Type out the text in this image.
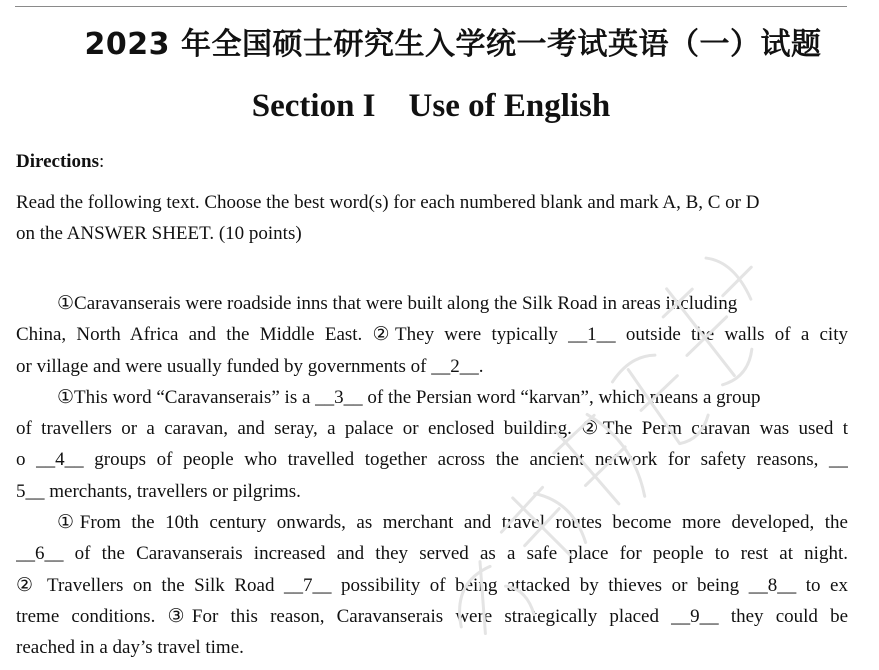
2023 年全国硕士研究生入学统一考试英语（一）试题
Section I    Use of English
Directions:
Read the following text. Choose the best word(s) for each numbered blank and mark A, B, C or D
on the ANSWER SHEET. (10 points)
①Caravanserais were roadside inns that were built along the Silk Road in areas including
China, North Africa and the Middle East. ②They were typically __1__ outside the walls of a city
or village and were usually funded by governments of __2__.
①This word “Caravanserais” is a __3__ of the Persian word “karvan”, which means a group
of travellers or a caravan, and seray, a palace or enclosed building. ②The Perm caravan was used t
o __4__ groups of people who travelled together across the ancient network for safety reasons, __
5__ merchants, travellers or pilgrims.
①From the 10th century onwards, as merchant and travel routes become more developed, the
__6__ of the Caravanserais increased and they served as a safe place for people to rest at night.
② Travellers on the Silk Road __7__ possibility of being attacked by thieves or being __8__ to ex
treme conditions. ③For this reason, Caravanserais were strategically placed __9__ they could be
reached in a day’s travel time.
